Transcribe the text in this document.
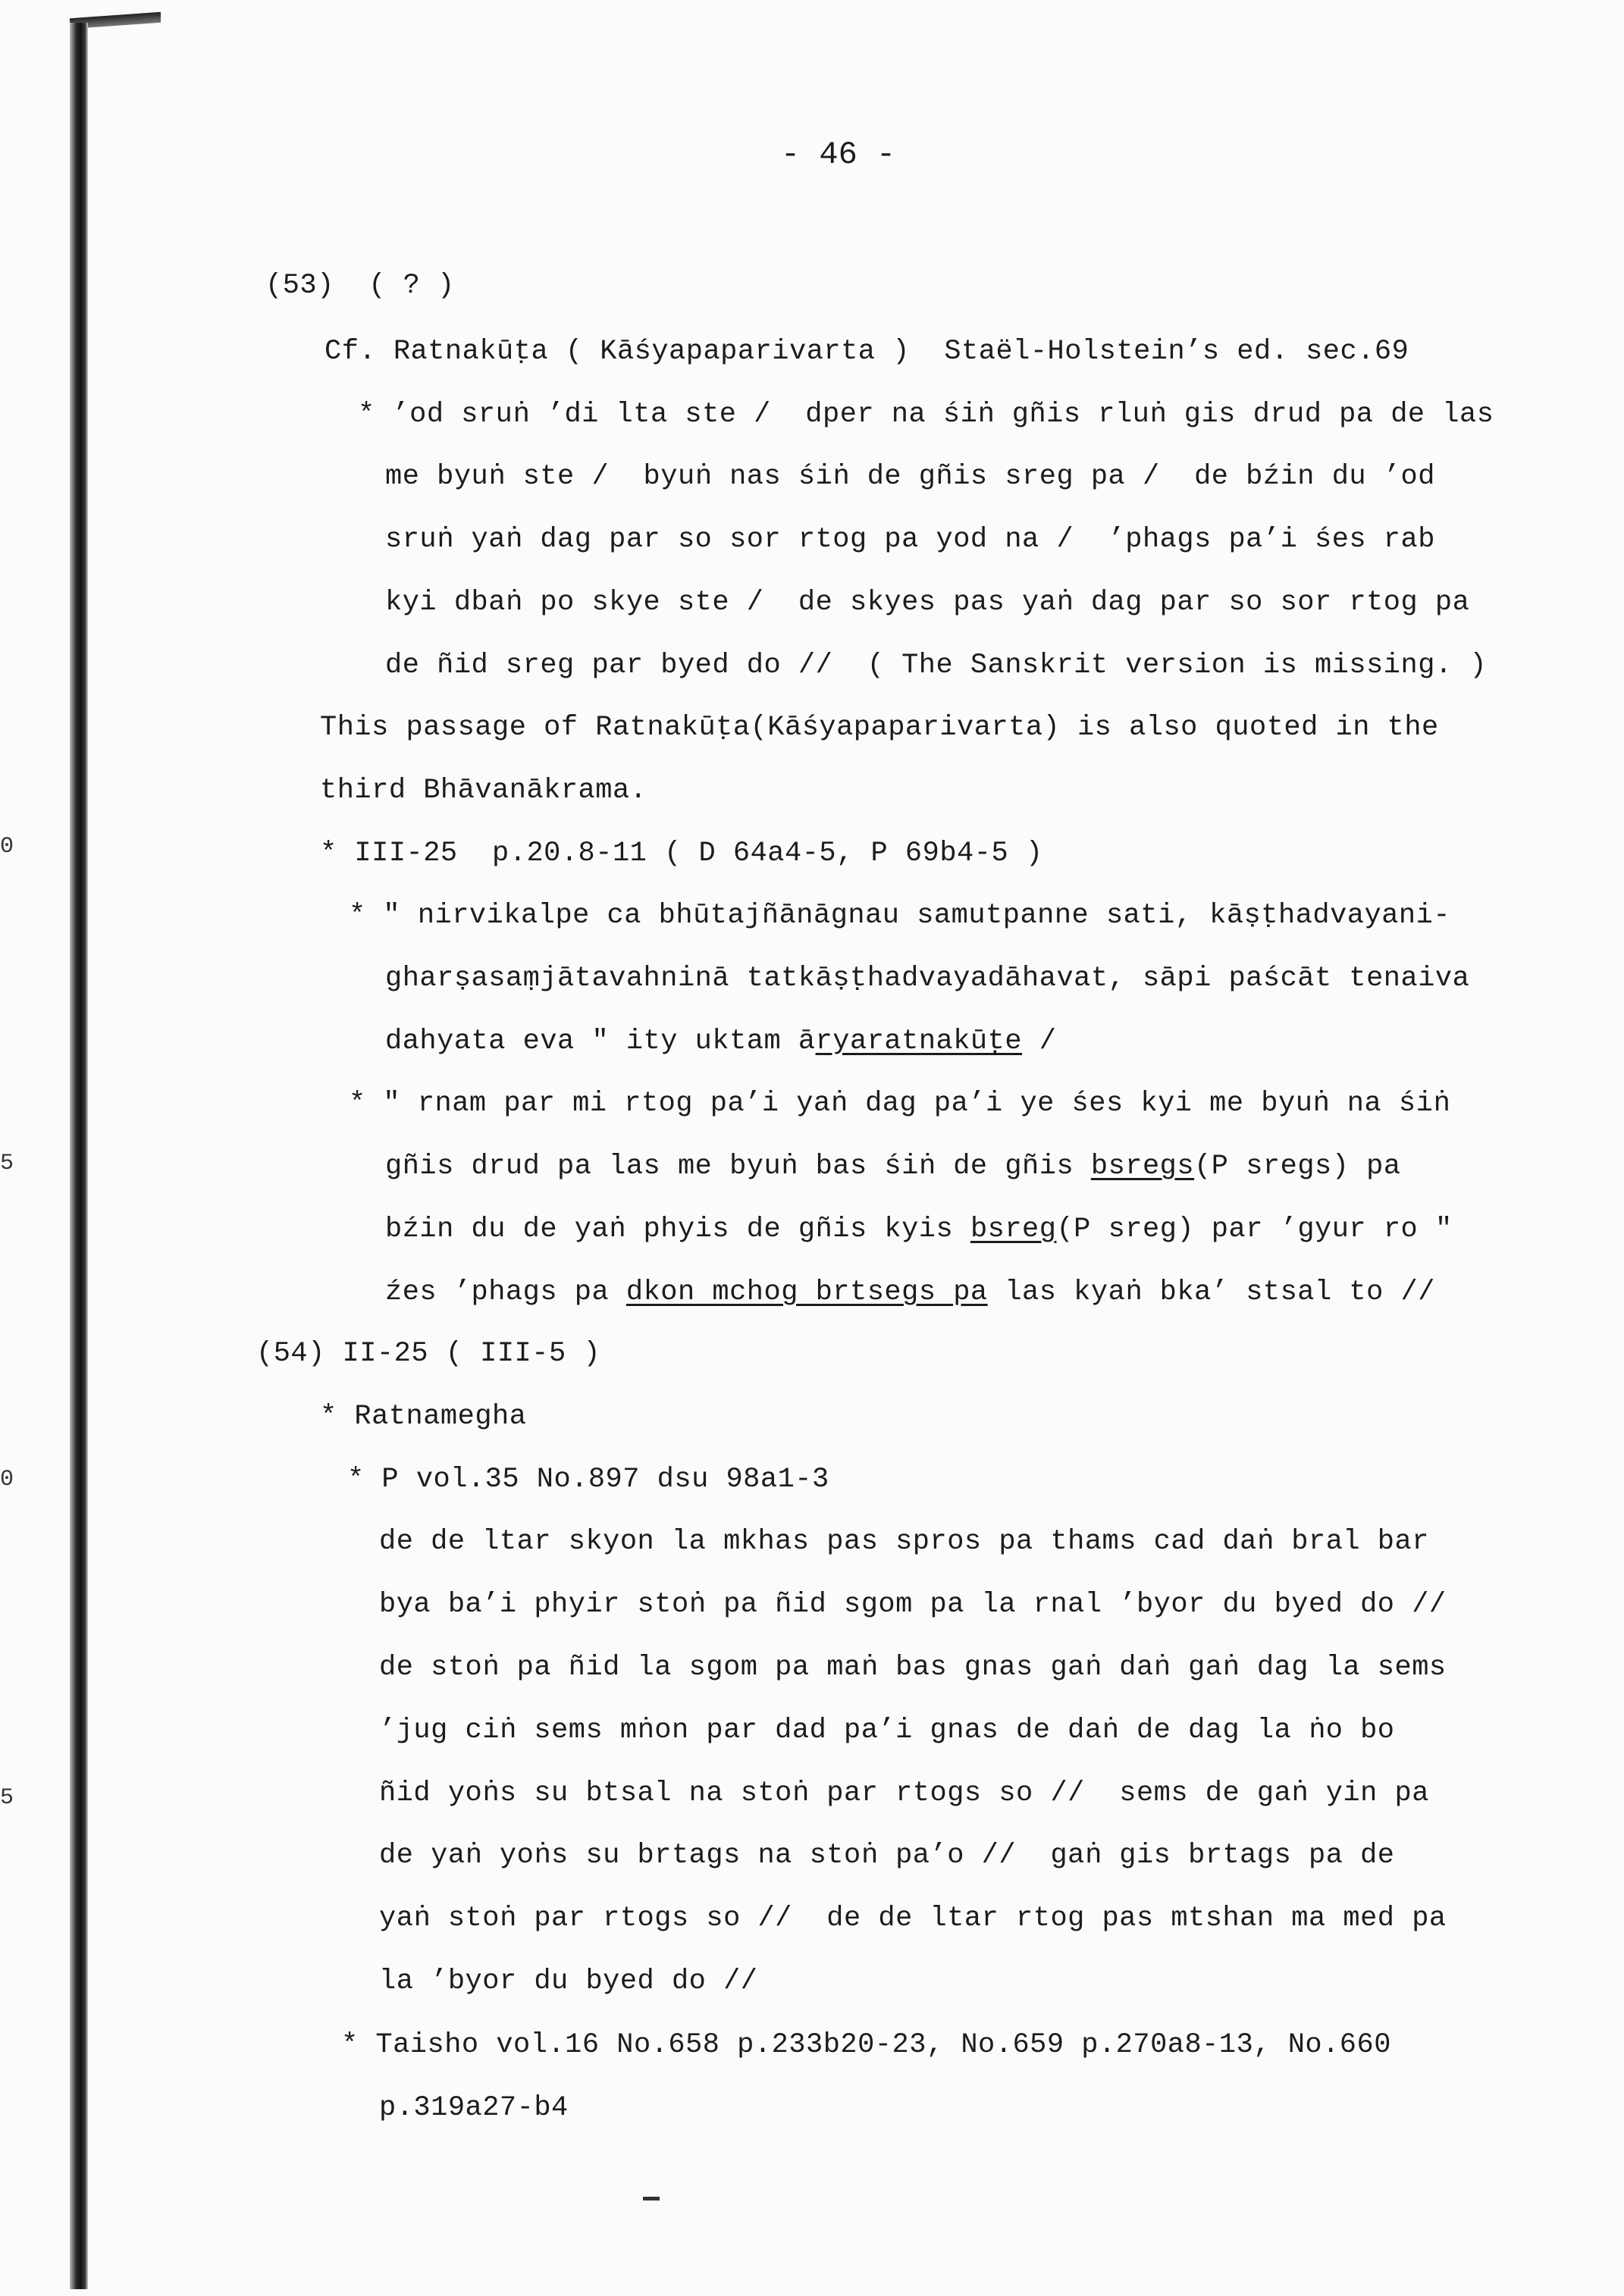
0
5
0
5
- 46 -
(53)  ( ? )
Cf. Ratnakūṭa ( Kāśyapaparivarta )  Staël-Holstein’s ed. sec.69
* ’od sruṅ ’di lta ste /  dper na śiṅ gñis rluṅ gis drud pa de las
me byuṅ ste /  byuṅ nas śiṅ de gñis sreg pa /  de bźin du ’od
sruṅ yaṅ dag par so sor rtog pa yod na /  ’phags pa’i śes rab
kyi dbaṅ po skye ste /  de skyes pas yaṅ dag par so sor rtog pa
de ñid sreg par byed do //  ( The Sanskrit version is missing. )
This passage of Ratnakūṭa(Kāśyapaparivarta) is also quoted in the
third Bhāvanākrama.
* III-25  p.20.8-11 ( D 64a4-5, P 69b4-5 )
* " nirvikalpe ca bhūtajñānāgnau samutpanne sati, kāṣṭhadvayani-
gharṣasaṃjātavahninā tatkāṣṭhadvayadāhavat, sāpi paścāt tenaiva
dahyata eva " ity uktam āryaratnakūṭe /
* " rnam par mi rtog pa’i yaṅ dag pa’i ye śes kyi me byuṅ na śiṅ
gñis drud pa las me byuṅ bas śiṅ de gñis bsregs(P sregs) pa
bźin du de yaṅ phyis de gñis kyis bsreg(P sreg) par ’gyur ro "
źes ’phags pa dkon mchog brtsegs pa las kyaṅ bka’ stsal to //
(54) II-25 ( III-5 )
* Ratnamegha
* P vol.35 No.897 dsu 98a1-3
de de ltar skyon la mkhas pas spros pa thams cad daṅ bral bar
bya ba’i phyir stoṅ pa ñid sgom pa la rnal ’byor du byed do //
de stoṅ pa ñid la sgom pa maṅ bas gnas gaṅ daṅ gaṅ dag la sems
’jug ciṅ sems mṅon par dad pa’i gnas de daṅ de dag la ṅo bo
ñid yoṅs su btsal na stoṅ par rtogs so //  sems de gaṅ yin pa
de yaṅ yoṅs su brtags na stoṅ pa’o //  gaṅ gis brtags pa de
yaṅ stoṅ par rtogs so //  de de ltar rtog pas mtshan ma med pa
la ’byor du byed do //
* Taisho vol.16 No.658 p.233b20-23, No.659 p.270a8-13, No.660
p.319a27-b4
